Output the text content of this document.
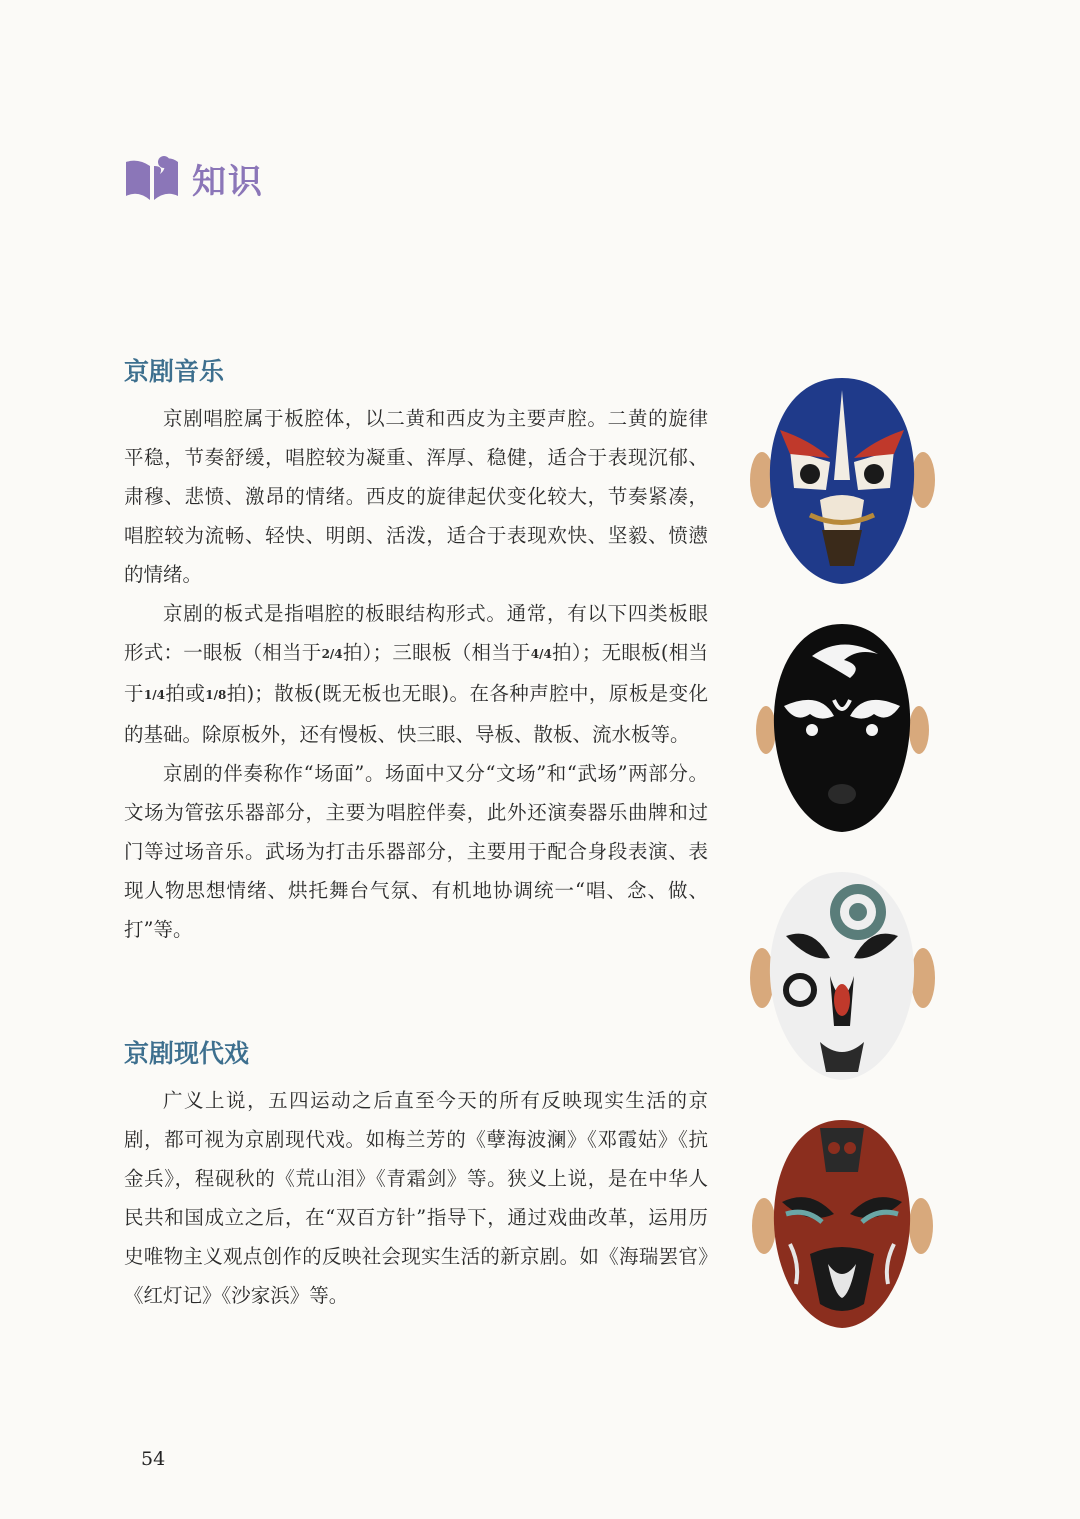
知识
京剧音乐

京剧唱腔属于板腔体，以二黄和西皮为主要声腔。二黄的旋律平稳，节奏舒缓，唱腔较为凝重、浑厚、稳健，适合于表现沉郁、肃穆、悲愤、激昂的情绪。西皮的旋律起伏变化较大，节奏紧凑，唱腔较为流畅、轻快、明朗、活泼，适合于表现欢快、坚毅、愤懑的情绪。

京剧的板式是指唱腔的板眼结构形式。通常，有以下四类板眼形式：一眼板（相当于2/4拍）；三眼板（相当于4/4拍）；无眼板(相当于1/4拍或1/8拍)；散板(既无板也无眼)。在各种声腔中，原板是变化的基础。除原板外，还有慢板、快三眼、导板、散板、流水板等。

京剧的伴奏称作“场面”。场面中又分“文场”和“武场”两部分。文场为管弦乐器部分，主要为唱腔伴奏，此外还演奏器乐曲牌和过门等过场音乐。武场为打击乐器部分，主要用于配合身段表演、表现人物思想情绪、烘托舞台气氛、有机地协调统一“唱、念、做、打”等。

京剧现代戏

广义上说，五四运动之后直至今天的所有反映现实生活的京剧，都可视为京剧现代戏。如梅兰芳的《孽海波澜》《邓霞姑》《抗金兵》，程砚秋的《荒山泪》《青霜剑》等。狭义上说，是在中华人民共和国成立之后，在“双百方针”指导下，通过戏曲改革，运用历史唯物主义观点创作的反映社会现实生活的新京剧。如《海瑞罢官》《红灯记》《沙家浜》等。

54
